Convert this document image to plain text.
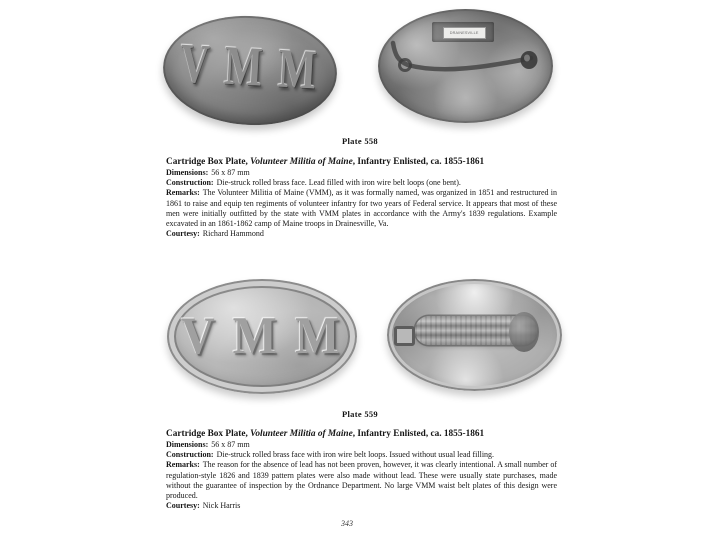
V M M	DRAINESVILLE
Plate 558
Cartridge Box Plate, Volunteer Militia of Maine, Infantry Enlisted, ca. 1855-1861
Dimensions: 56 x 87 mm
Construction: Die-struck rolled brass face. Lead filled with iron wire belt loops (one bent).
Remarks: The Volunteer Militia of Maine (VMM), as it was formally named, was organized in 1851 and restructured in 1861 to raise and equip ten regiments of volunteer infantry for two years of Federal service. It appears that most of these men were initially outfitted by the state with VMM plates in accordance with the Army's 1839 regulations. Example excavated in an 1861-1862 camp of Maine troops in Drainesville, Va.
Courtesy: Richard Hammond
V M M
Plate 559
Cartridge Box Plate, Volunteer Militia of Maine, Infantry Enlisted, ca. 1855-1861
Dimensions: 56 x 87 mm
Construction: Die-struck rolled brass face with iron wire belt loops. Issued without usual lead filling.
Remarks: The reason for the absence of lead has not been proven, however, it was clearly intentional. A small number of regulation-style 1826 and 1839 pattern plates were also made without lead. These were usually state purchases, made without the guarantee of inspection by the Ordnance Department. No large VMM waist belt plates of this design were produced.
Courtesy: Nick Harris
343
